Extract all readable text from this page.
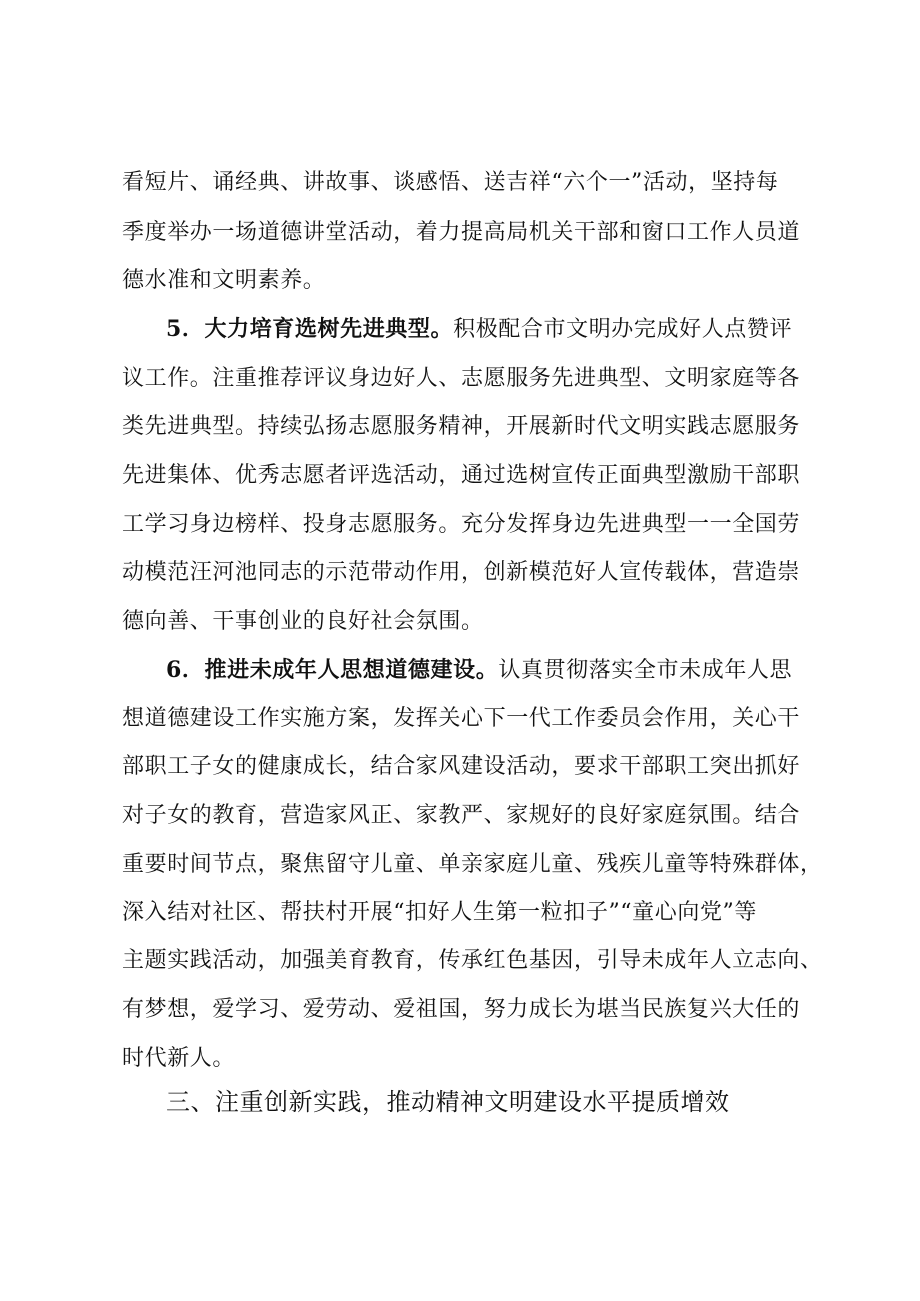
看短片、诵经典、讲故事、谈感悟、送吉祥“六个一”活动，坚持每
季度举办一场道德讲堂活动，着力提高局机关干部和窗口工作人员道
德水准和文明素养。
5．大力培育选树先进典型。积极配合市文明办完成好人点赞评
议工作。注重推荐评议身边好人、志愿服务先进典型、文明家庭等各
类先进典型。持续弘扬志愿服务精神，开展新时代文明实践志愿服务
先进集体、优秀志愿者评选活动，通过选树宣传正面典型激励干部职
工学习身边榜样、投身志愿服务。充分发挥身边先进典型一一全国劳
动模范汪河池同志的示范带动作用，创新模范好人宣传载体，营造崇
德向善、干事创业的良好社会氛围。
6．推进未成年人思想道德建设。认真贯彻落实全市未成年人思
想道德建设工作实施方案，发挥关心下一代工作委员会作用，关心干
部职工子女的健康成长，结合家风建设活动，要求干部职工突出抓好
对子女的教育，营造家风正、家教严、家规好的良好家庭氛围。结合
重要时间节点，聚焦留守儿童、单亲家庭儿童、残疾儿童等特殊群体，
深入结对社区、帮扶村开展“扣好人生第一粒扣子”“童心向党”等
主题实践活动，加强美育教育，传承红色基因，引导未成年人立志向、
有梦想，爱学习、爱劳动、爱祖国，努力成长为堪当民族复兴大任的
时代新人。
三、注重创新实践，推动精神文明建设水平提质增效
